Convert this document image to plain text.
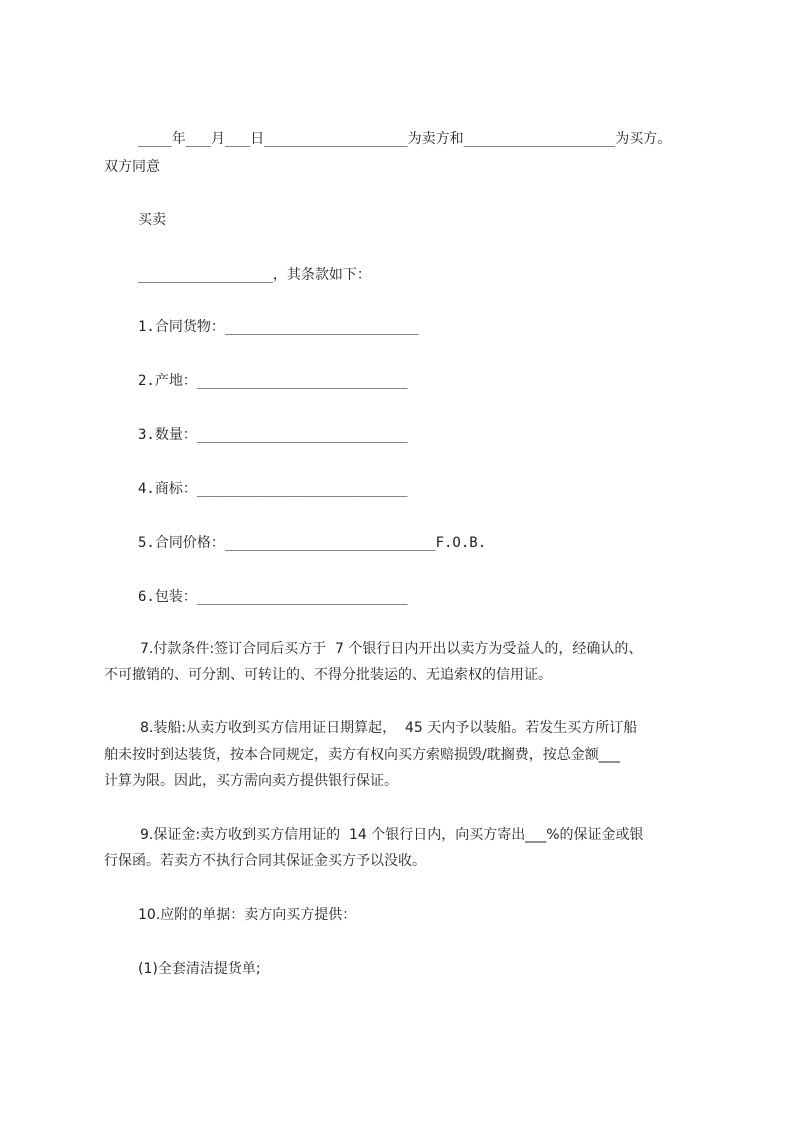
____年___月___日_________________为卖方和__________________为买方。
双方同意
买卖
________________，其条款如下：
1.合同货物：_______________________
2.产地：_________________________
3.数量：_________________________
4.商标：_________________________
5.合同价格：_________________________F.O.B.
6.包装：_________________________
7.付款条件:签订合同后买方于  7 个银行日内开出以卖方为受益人的，经确认的、
不可撤销的、可分割、可转让的、不得分批装运的、无追索权的信用证。
8.装船:从卖方收到买方信用证日期算起，  45 天内予以装船。若发生买方所订船
舶未按时到达装货，按本合同规定，卖方有权向买方索赔损毁/耽搁费，按总金额___
计算为限。因此，买方需向卖方提供银行保证。
9.保证金:卖方收到买方信用证的  14 个银行日内，向买方寄出___%的保证金或银
行保函。若卖方不执行合同其保证金买方予以没收。
10.应附的单据：卖方向买方提供：
(1)全套清洁提货单;
